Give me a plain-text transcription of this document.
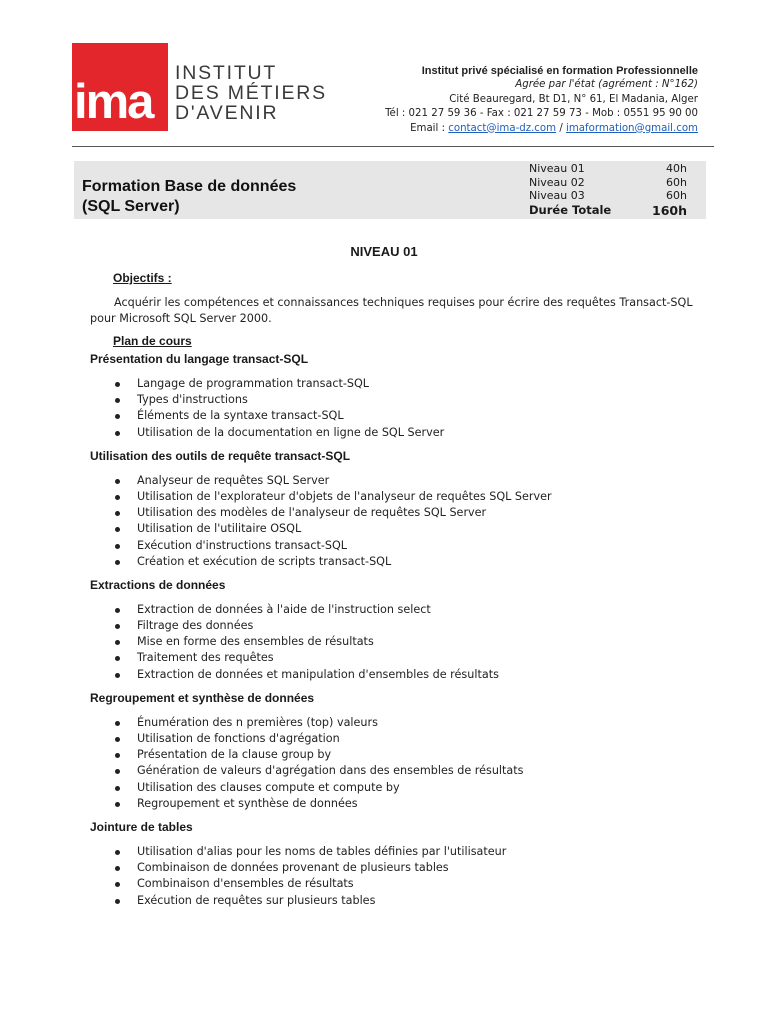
ima
INSTITUT
DES MÉTIERS
D'AVENIR
Institut privé spécialisé en formation Professionnelle
Agrée par l'état (agrément : N°162)
Cité Beauregard, Bt D1, N° 61, El Madania, Alger
Tél : 021 27 59 36 - Fax : 021 27 59 73 - Mob : 0551 95 90 00
Email : contact@ima-dz.com / imaformation@gmail.com
Formation Base de données
(SQL Server)
Niveau 01	40h
Niveau 02	60h
Niveau 03	60h
Durée Totale	160h
NIVEAU 01
Objectifs :
Acquérir les compétences et connaissances techniques requises pour écrire des requêtes Transact-SQL pour Microsoft SQL Server 2000.
Plan de cours
Présentation du langage transact-SQL
Langage de programmation transact-SQL
Types d'instructions
Éléments de la syntaxe transact-SQL
Utilisation de la documentation en ligne de SQL Server
Utilisation des outils de requête transact-SQL
Analyseur de requêtes SQL Server
Utilisation de l'explorateur d'objets de l'analyseur de requêtes SQL Server
Utilisation des modèles de l'analyseur de requêtes SQL Server
Utilisation de l'utilitaire OSQL
Exécution d'instructions transact-SQL
Création et exécution de scripts transact-SQL
Extractions de données
Extraction de données à l'aide de l'instruction select
Filtrage des données
Mise en forme des ensembles de résultats
Traitement des requêtes
Extraction de données et manipulation d'ensembles de résultats
Regroupement et synthèse de données
Énumération des n premières (top) valeurs
Utilisation de fonctions d'agrégation
Présentation de la clause group by
Génération de valeurs d'agrégation dans des ensembles de résultats
Utilisation des clauses compute et compute by
Regroupement et synthèse de données
Jointure de tables
Utilisation d'alias pour les noms de tables définies par l'utilisateur
Combinaison de données provenant de plusieurs tables
Combinaison d'ensembles de résultats
Exécution de requêtes sur plusieurs tables
